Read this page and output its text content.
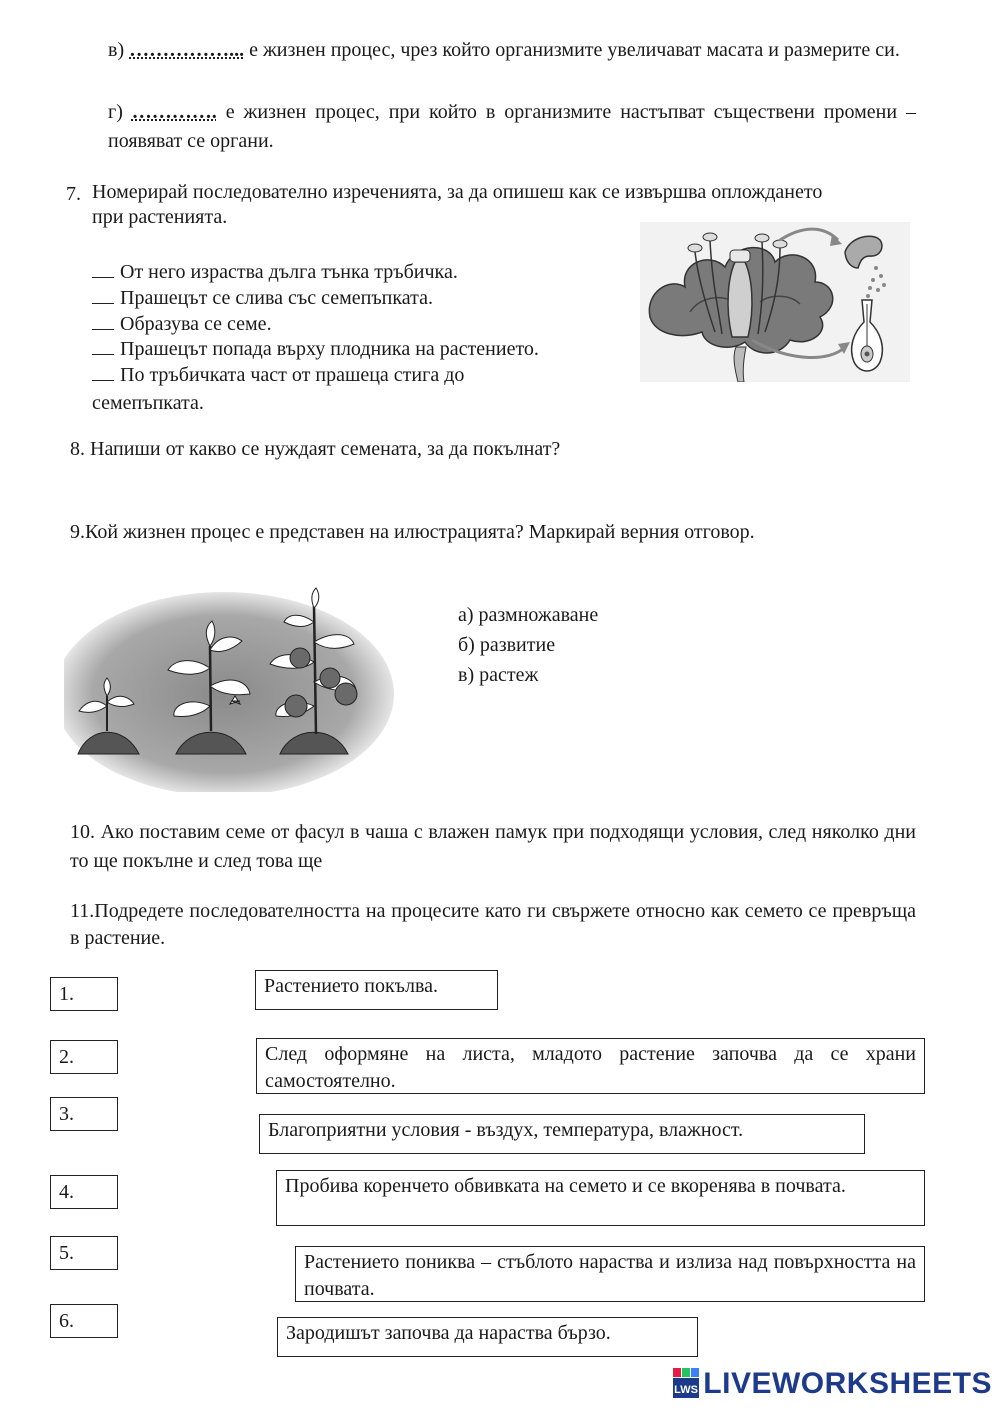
в) ……………... е жизнен процес, чрез който организмите увеличават масата и размерите си.
г) …………. е жизнен процес, при който в организмите настъпват съществени промени – появяват се органи.
7. Номерирай последователно изреченията, за да опишеш как се извършва оплождането при растенията.
От него израства дълга тънка тръбичка.
Прашецът се слива със семепъпката.
Образува се семе.
Прашецът попада върху плодника на растението.
По тръбичката част от прашеца стига до
семепъпката.
8. Напиши от какво се нуждаят семената, за да покълнат?
9.Кой жизнен процес е представен на илюстрацията? Маркирай верния отговор.
а) размножаване
б) развитие
в) растеж
10. Ако поставим семе от фасул в чаша с влажен памук при подходящи условия, след няколко дни то ще покълне и след това ще
11.Подредете последователността на процесите като ги свържете относно как семето се превръща в растение.
1.
2.
3.
4.
5.
6.
Растението покълва.
След оформяне на листа, младото растение започва да се храни самостоятелно.
Благоприятни условия - въздух, температура, влажност.
Пробива коренчето обвивката на семето и се вкоренява в почвата.
Растението пониква – стъблото нараства и излиза над повърхността на почвата.
Зародишът започва да нараства бързо.
LWS LIVEWORKSHEETS
